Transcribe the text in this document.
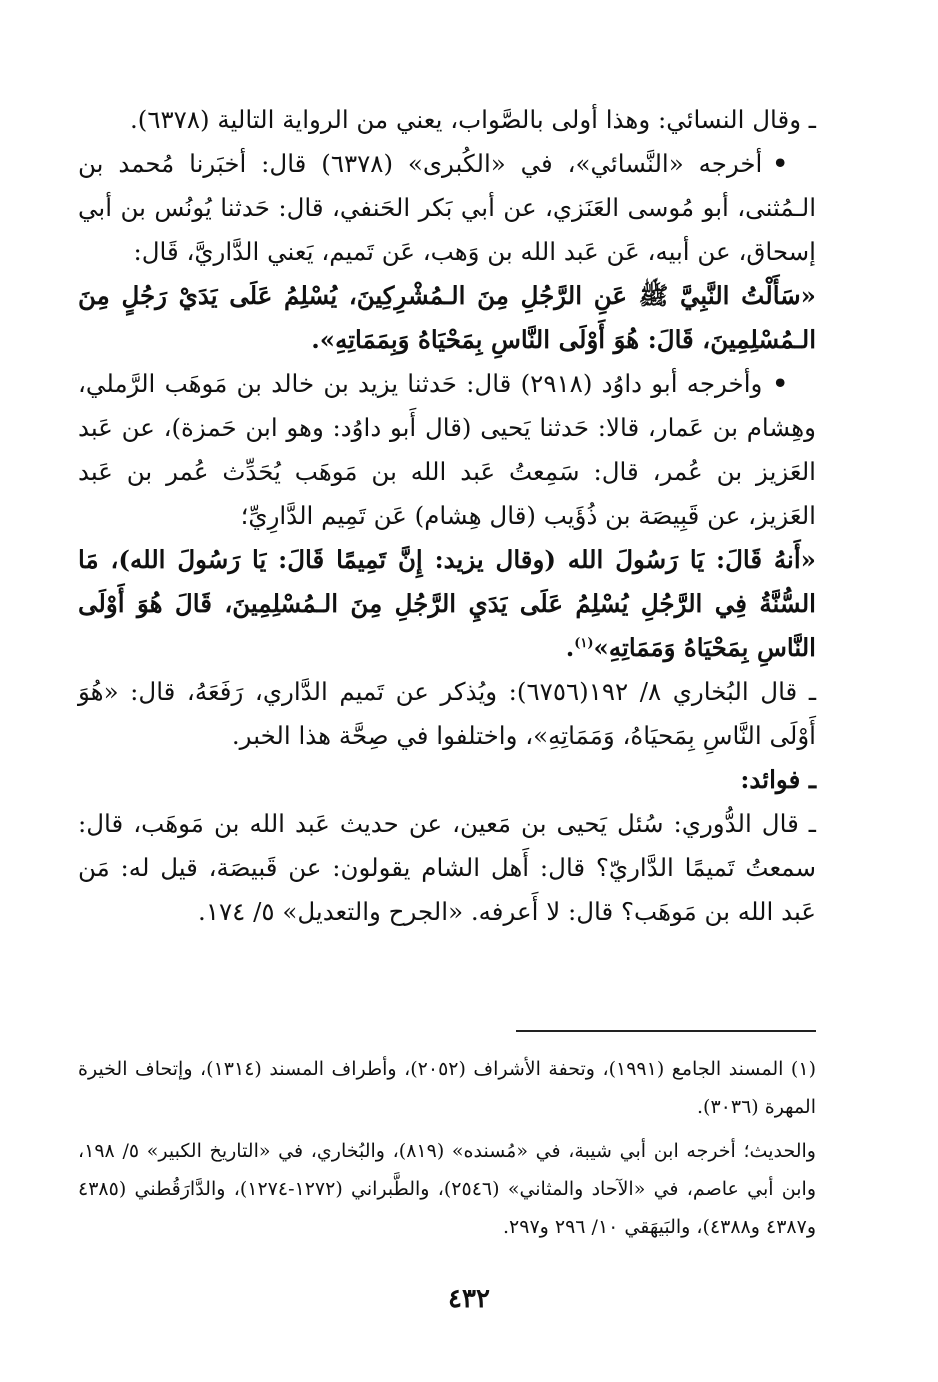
ـ وقال النسائي: وهذا أولى بالصَّواب، يعني من الرواية التالية (٦٣٧٨).

•أخرجه «النَّسائي»، في «الكُبرى» (٦٣٧٨) قال: أخبَرنا مُحمد بن الـمُثنى، أبو مُوسى العَنَزي، عن أبي بَكر الحَنفي، قال: حَدثنا يُونُس بن أبي إسحاق، عن أبيه، عَن عَبد الله بن وَهب، عَن تَميم، يَعني الدَّاريَّ، قَال:

«سَأَلْتُ النَّبِيَّ ﷺ عَنِ الرَّجُلِ مِنَ الـمُشْرِكِينَ، يُسْلِمُ عَلَى يَدَيْ رَجُلٍ مِنَ الـمُسْلِمِينَ، قَالَ: هُوَ أَوْلَى النَّاسِ بِمَحْيَاهُ وَبِمَمَاتِهِ».

•وأخرجه أبو داوُد (٢٩١٨) قال: حَدثنا يزيد بن خالد بن مَوهَب الرَّملي، وهِشام بن عَمار، قالا: حَدثنا يَحيى (قال أَبو داوُد: وهو ابن حَمزة)، عن عَبد العَزيز بن عُمر، قال: سَمِعتُ عَبد الله بن مَوهَب يُحَدِّث عُمر بن عَبد العَزيز، عن قَبِيصَة بن ذُؤَيب (قال هِشام) عَن تَمِيم الدَّارِيِّ؛

«أَنهُ قَالَ: يَا رَسُولَ الله (وقال يزيد: إِنَّ تَمِيمًا قَالَ: يَا رَسُولَ الله)، مَا السُّنَّةُ فِي الرَّجُلِ يُسْلِمُ عَلَى يَدَيِ الرَّجُلِ مِنَ الـمُسْلِمِينَ، قَالَ هُوَ أَوْلَى النَّاسِ بِمَحْيَاهُ وَمَمَاتِهِ»$^{(١)}$.

ـ قال البُخاري ٨/ ١٩٢(٦٧٥٦): ويُذكر عن تَميم الدَّاري، رَفَعَهُ، قال: «هُوَ أَوْلَى النَّاسِ بِمَحيَاهُ، وَمَمَاتِهِ»، واختلفوا في صِحَّة هذا الخبر.

ـ فوائد:

ـ قال الدُّوري: سُئل يَحيى بن مَعين، عن حديث عَبد الله بن مَوهَب، قال: سمعتُ تَميمًا الدَّاريّ؟ قال: أَهل الشام يقولون: عن قَبيصَة، قيل له: مَن عَبد الله بن مَوهَب؟ قال: لا أَعرفه. «الجرح والتعديل» ٥/ ١٧٤.

(١) المسند الجامع (١٩٩١)، وتحفة الأشراف (٢٠٥٢)، وأطراف المسند (١٣١٤)، وإتحاف الخيرة المهرة (٣٠٣٦).

والحديث؛ أخرجه ابن أبي شيبة، في «مُسنده» (٨١٩)، والبُخاري، في «التاريخ الكبير» ٥/ ١٩٨، وابن أبي عاصم، في «الآحاد والمثاني» (٢٥٤٦)، والطَّبراني (١٢٧٢-١٢٧٤)، والدَّارَقُطني (٤٣٨٥ و٤٣٨٧ و٤٣٨٨)، والبَيهَقي ١٠/ ٢٩٦ و٢٩٧.

٤٣٢
